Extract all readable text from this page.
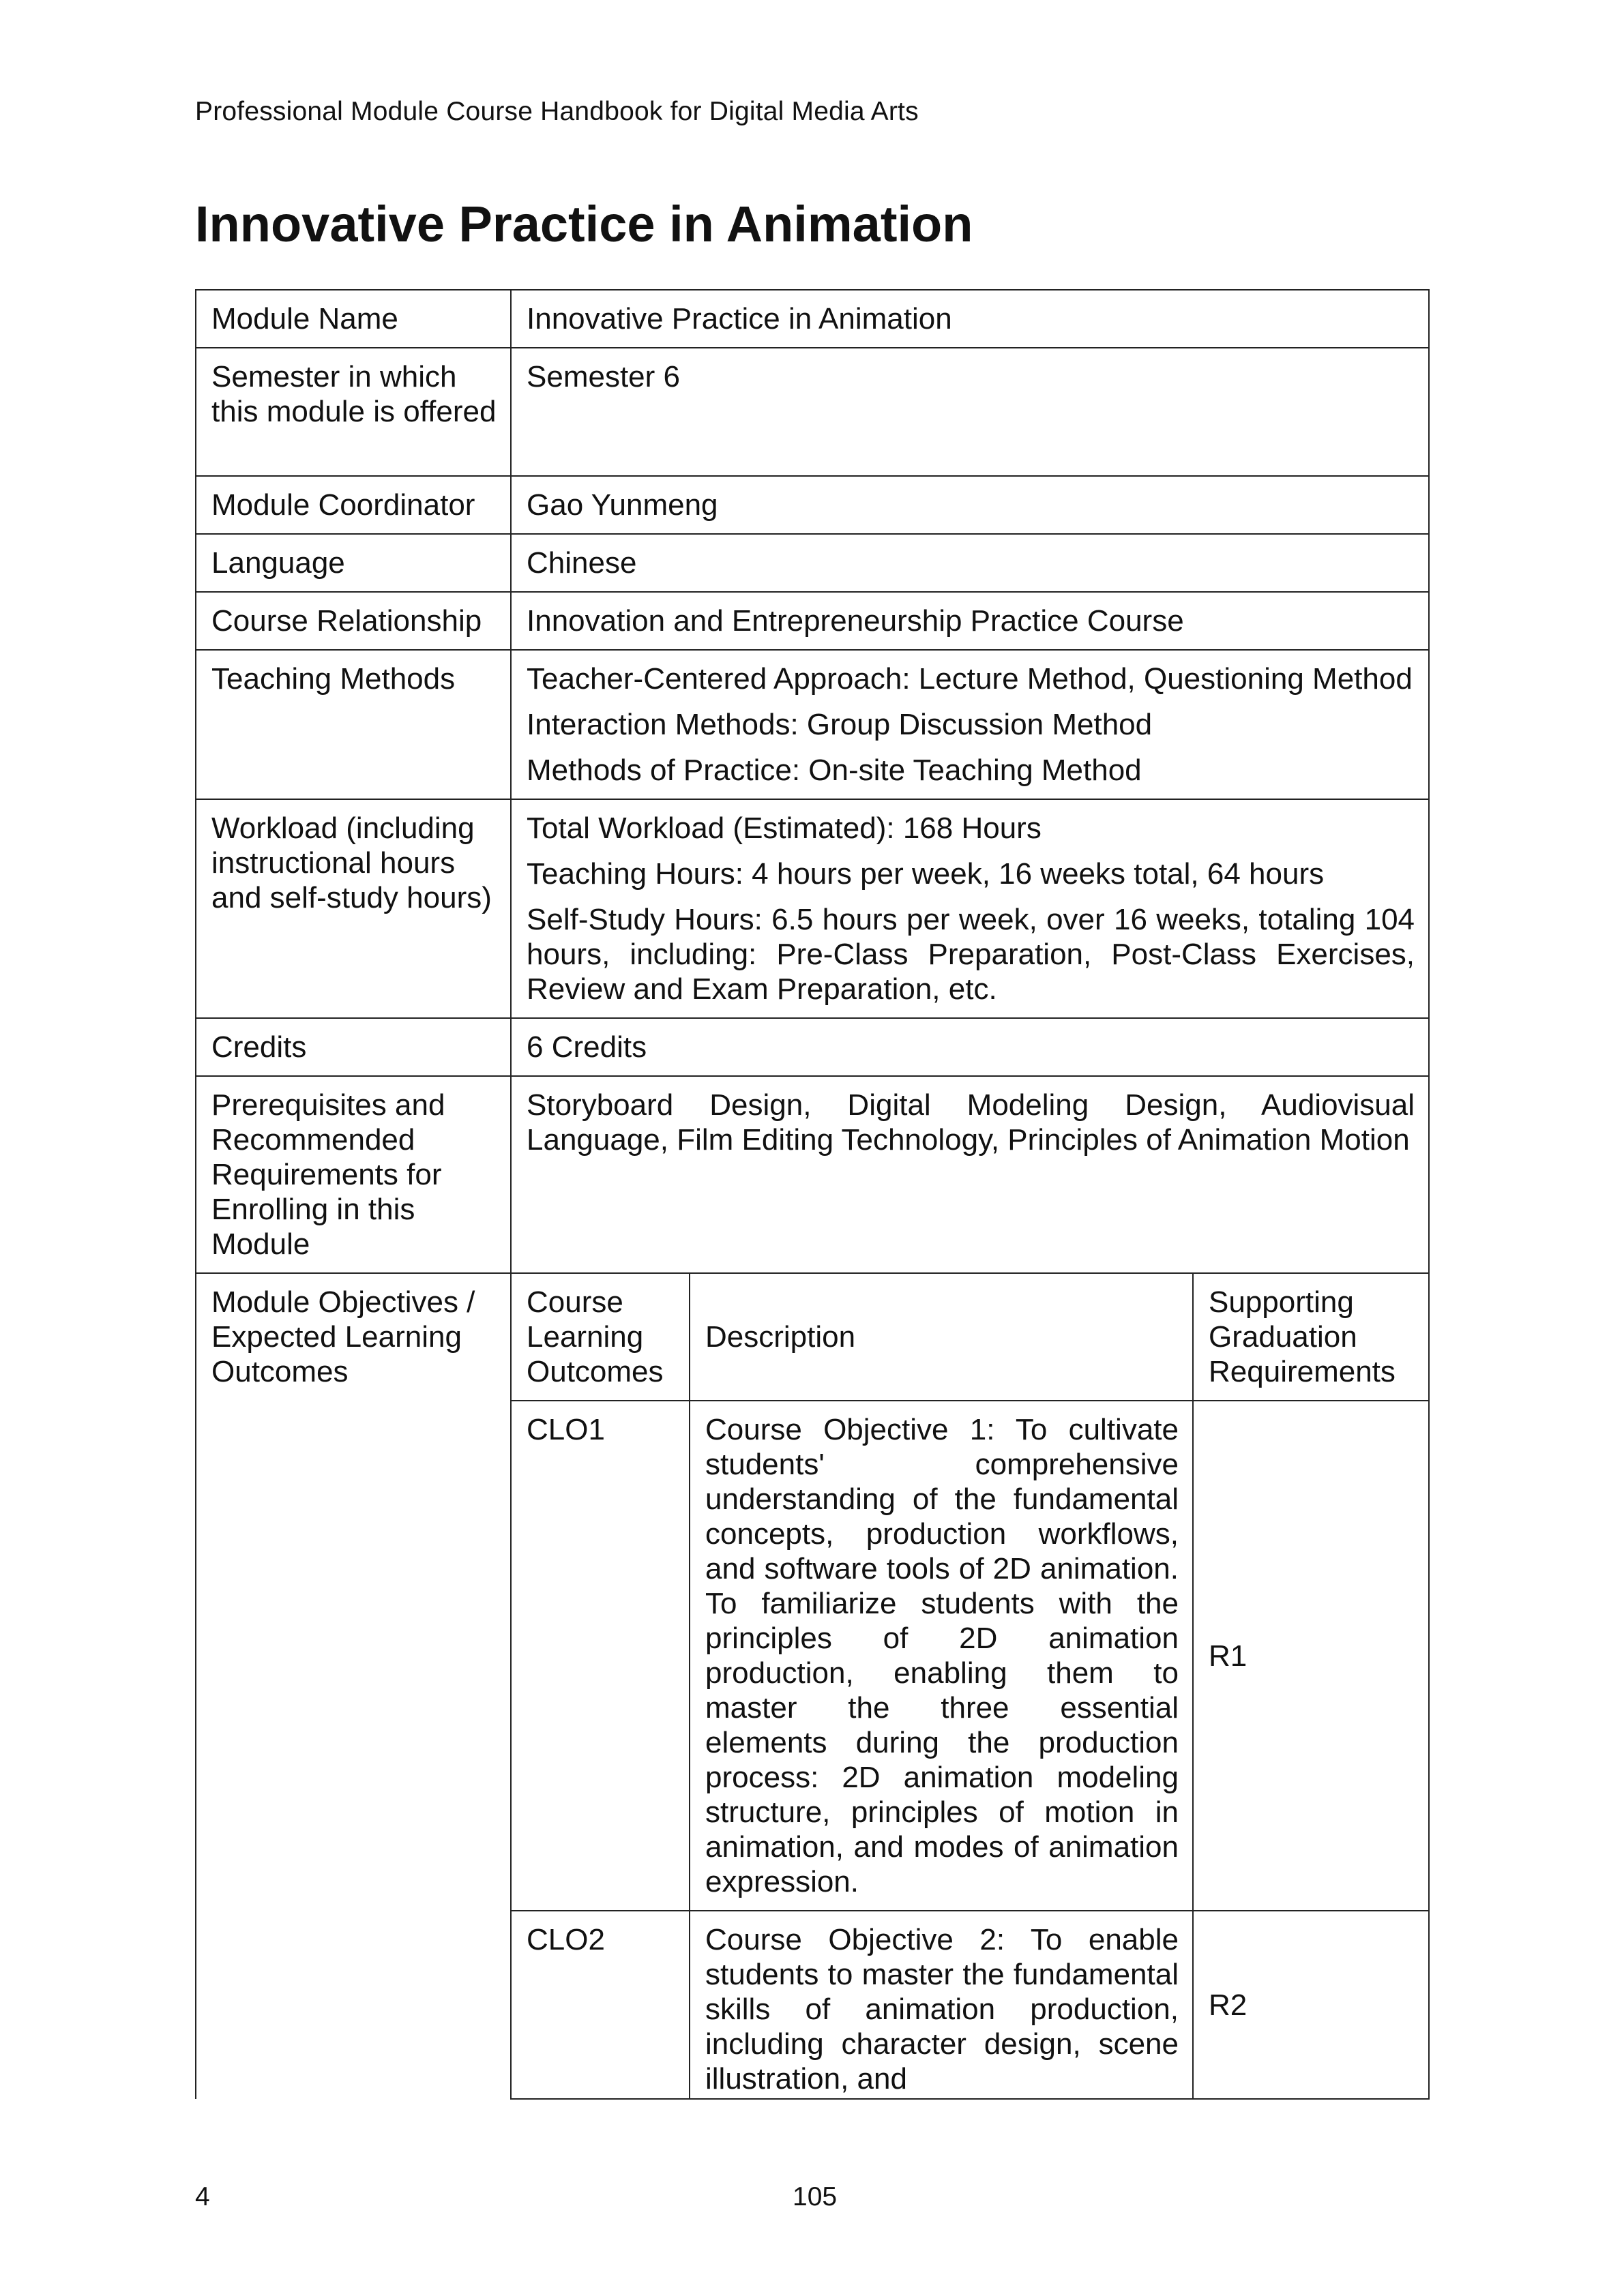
Professional Module Course Handbook for Digital Media Arts
Innovative Practice in Animation
Module Name	Innovative Practice in Animation		
Semester in which this module is offered	Semester 6		
Module Coordinator	Gao Yunmeng		
Language	Chinese		
Course Relationship	Innovation and Entrepreneurship Practice Course		
Teaching Methods	Teacher-Centered Approach: Lecture Method, Questioning Method

Interaction Methods: Group Discussion Method

Methods of Practice: On-site Teaching Method		

Workload (including instructional hours and self-study hours)	Total Workload (Estimated): 168 Hours

Teaching Hours: 4 hours per week, 16 weeks total, 64 hours

Self-Study Hours: 6.5 hours per week, over 16 weeks, totaling 104 hours, including: Pre-Class Preparation, Post-Class Exercises, Review and Exam Preparation, etc.		

Credits	6 Credits		
Prerequisites and Recommended Requirements for Enrolling in this Module	Storyboard Design, Digital Modeling Design, Audiovisual Language, Film Editing Technology, Principles of Animation Motion		
Module Objectives / Expected Learning Outcomes	Course Learning Outcomes	Description	Supporting Graduation Requirements
	CLO1	Course Objective 1: To cultivate students' comprehensive understanding of the fundamental concepts, production workflows, and software tools of 2D animation. To familiarize students with the principles of 2D animation production, enabling them to master the three essential elements during the production process: 2D animation modeling structure, principles of motion in animation, and modes of animation expression.	R1
	CLO2	Course Objective 2: To enable students to master the fundamental skills of animation production, including character design, scene illustration, and	R2
4	105
